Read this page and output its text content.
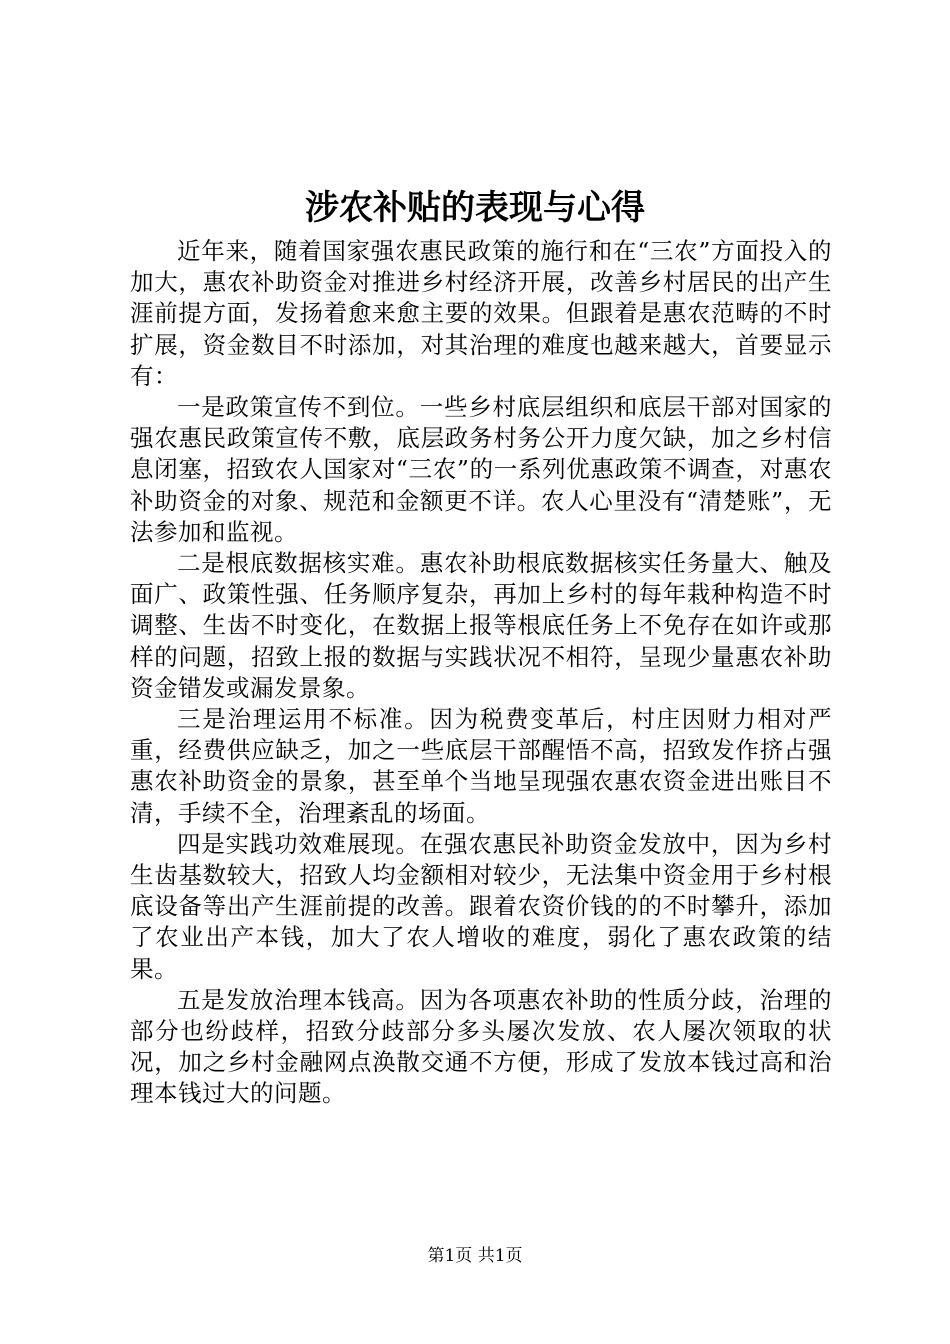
涉农补贴的表现与心得

近年来，随着国家强农惠民政策的施行和在“三农”方面投入的加大，惠农补助资金对推进乡村经济开展，改善乡村居民的出产生涯前提方面，发扬着愈来愈主要的效果。但跟着是惠农范畴的不时扩展，资金数目不时添加，对其治理的难度也越来越大，首要显示有：

一是政策宣传不到位。一些乡村底层组织和底层干部对国家的强农惠民政策宣传不敷，底层政务村务公开力度欠缺，加之乡村信息闭塞，招致农人国家对“三农”的一系列优惠政策不调查，对惠农补助资金的对象、规范和金额更不详。农人心里没有“清楚账”，无法参加和监视。

二是根底数据核实难。惠农补助根底数据核实任务量大、触及面广、政策性强、任务顺序复杂，再加上乡村的每年栽种构造不时调整、生齿不时变化，在数据上报等根底任务上不免存在如许或那样的问题，招致上报的数据与实践状况不相符，呈现少量惠农补助资金错发或漏发景象。

三是治理运用不标准。因为税费变革后，村庄因财力相对严重，经费供应缺乏，加之一些底层干部醒悟不高，招致发作挤占强惠农补助资金的景象，甚至单个当地呈现强农惠农资金进出账目不清，手续不全，治理紊乱的场面。

四是实践功效难展现。在强农惠民补助资金发放中，因为乡村生齿基数较大，招致人均金额相对较少，无法集中资金用于乡村根底设备等出产生涯前提的改善。跟着农资价钱的的不时攀升，添加了农业出产本钱，加大了农人增收的难度，弱化了惠农政策的结果。

五是发放治理本钱高。因为各项惠农补助的性质分歧，治理的部分也纷歧样，招致分歧部分多头屡次发放、农人屡次领取的状况，加之乡村金融网点涣散交通不方便，形成了发放本钱过高和治理本钱过大的问题。

第1页 共1页
